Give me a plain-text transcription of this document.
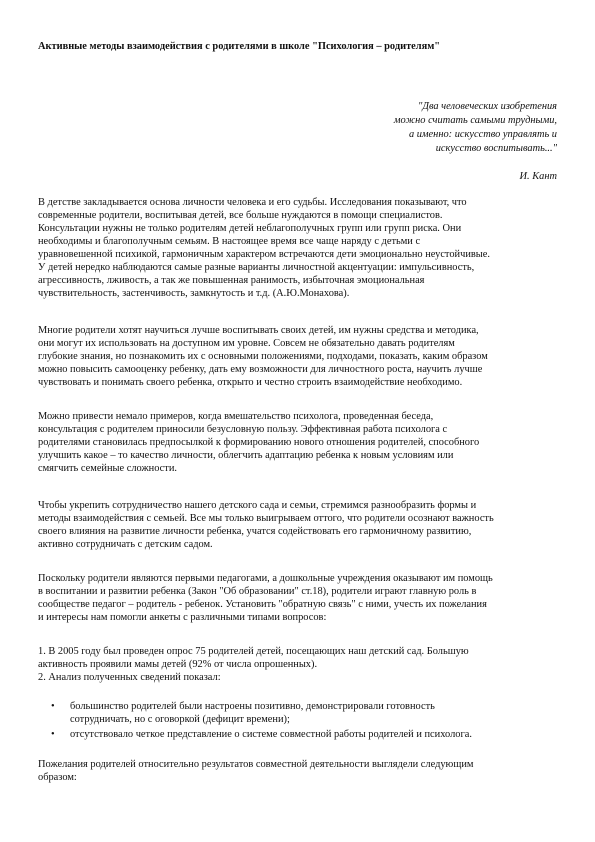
Активные методы взаимодействия с родителями в школе "Психология – родителям"
"Два человеческих изобретения
можно считать самыми трудными,
а именно: искусство управлять и
искусство воспитывать..."
И. Кант
В детстве закладывается основа личности человека и его судьбы. Исследования показывают, что
современные родители, воспитывая детей, все больше нуждаются в помощи специалистов.
Консультации нужны не только родителям детей неблагополучных групп или групп риска. Они
необходимы и благополучным семьям. В настоящее время все чаще наряду с детьми с
уравновешенной психикой, гармоничным характером встречаются дети эмоционально неустойчивые.
У детей нередко наблюдаются самые разные варианты личностной акцентуации: импульсивность,
агрессивность, лживость, а так же повышенная ранимость, избыточная эмоциональная
чувствительность, застенчивость, замкнутость и т.д. (А.Ю.Монахова).
Многие родители хотят научиться лучше воспитывать своих детей, им нужны средства и методика,
они могут их использовать на доступном им уровне. Совсем не обязательно давать родителям
глубокие знания, но познакомить их с основными положениями, подходами, показать, каким образом
можно повысить самооценку ребенку, дать ему возможности для личностного роста, научить лучше
чувствовать и понимать своего ребенка, открыто и честно строить взаимодействие необходимо.
Можно привести немало примеров, когда вмешательство психолога, проведенная беседа,
консультация с родителем приносили безусловную пользу. Эффективная работа психолога с
родителями становилась предпосылкой к формированию нового отношения родителей, способного
улучшить какое – то качество личности, облегчить адаптацию ребенка к новым условиям или
смягчить семейные сложности.
Чтобы укрепить сотрудничество нашего детского сада и семьи, стремимся разнообразить формы и
методы взаимодействия с семьей. Все мы только выигрываем оттого, что родители осознают важность
своего влияния на развитие личности ребенка, учатся содействовать его гармоничному развитию,
активно сотрудничать с детским садом.
Поскольку родители являются первыми педагогами, а дошкольные учреждения оказывают им помощь
в воспитании и развитии ребенка (Закон "Об образовании" ст.18), родители играют главную роль в
сообществе педагог – родитель - ребенок. Установить "обратную связь" с ними, учесть их пожелания
и интересы нам помогли анкеты с различными типами вопросов:
1. В 2005 году был проведен опрос 75 родителей детей, посещающих наш детский сад. Большую
активность проявили мамы детей (92% от числа опрошенных).
2. Анализ полученных сведений показал:
• большинство родителей были настроены позитивно, демонстрировали готовность
сотрудничать, но с оговоркой (дефицит времени);
• отсутствовало четкое представление о системе совместной работы родителей и психолога.
Пожелания родителей относительно результатов совместной деятельности выглядели следующим
образом:
